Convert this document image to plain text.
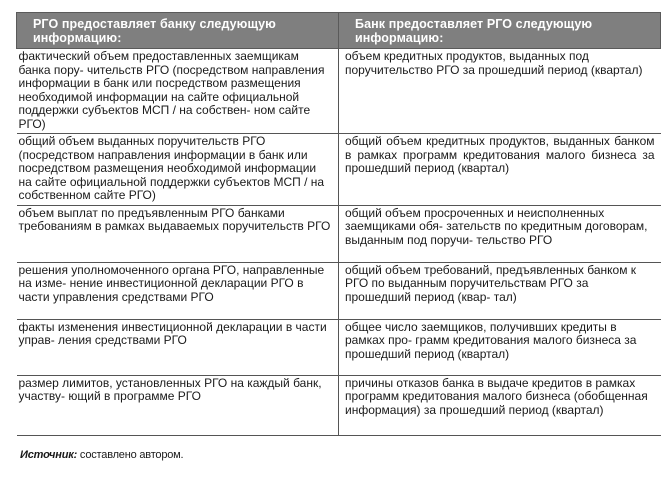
РГО предоставляет банку следующую информацию:	Банк предоставляет РГО следующую информацию:
фактический объем предоставленных заемщикам банка пору- чительств РГО (посредством направления информации в банк или посредством размещения необходимой информации на сайте официальной поддержки субъектов МСП / на собствен- ном сайте РГО)	объем кредитных продуктов, выданных под поручительство РГО за прошедший период (квартал)
общий объем выданных поручительств РГО (посредством направления информации в банк или посредством размещения необходимой информации на сайте официальной поддержки субъектов МСП / на собственном сайте РГО)	общий объем кредитных продуктов, выданных банком в рамках программ кредитования малого бизнеса за прошедший период (квартал)
объем выплат по предъявленным РГО банками требованиям в рамках выдаваемых поручительств РГО	общий объем просроченных и неисполненных заемщиками обя- зательств по кредитным договорам, выданным под поручи- тельство РГО
решения уполномоченного органа РГО, направленные на изме- нение инвестиционной декларации РГО в части управления средствами РГО	общий объем требований, предъявленных банком к РГО по выданным поручительствам РГО за прошедший период (квар- тал)
факты изменения инвестиционной декларации в части управ- ления средствами РГО	общее число заемщиков, получивших кредиты в рамках про- грамм кредитования малого бизнеса за прошедший период (квартал)
размер лимитов, установленных РГО на каждый банк, участву- ющий в программе РГО	причины отказов банка в выдаче кредитов в рамках программ кредитования малого бизнеса (обобщенная информация) за прошедший период (квартал)
Источник: составлено автором.
